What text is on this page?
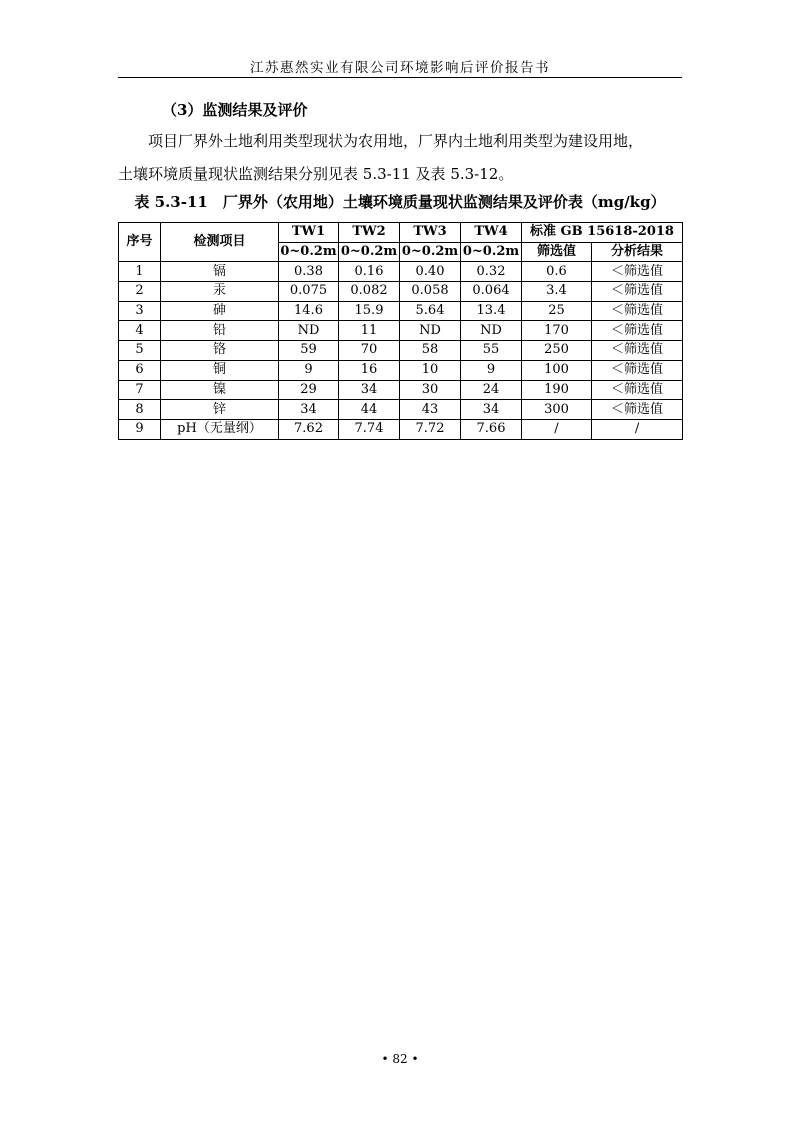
江苏惠然实业有限公司环境影响后评价报告书
（3）监测结果及评价

项目厂界外土地利用类型现状为农用地，厂界内土地利用类型为建设用地，

土壤环境质量现状监测结果分别见表 5.3-11 及表 5.3-12。

表 5.3-11　厂界外（农用地）土壤环境质量现状监测结果及评价表（mg/kg）
序号	检测项目	TW1	TW2	TW3	TW4	标准 GB 15618-2018	
		0~0.2m	0~0.2m	0~0.2m	0~0.2m	筛选值	分析结果
1	镉	0.38	0.16	0.40	0.32	0.6	＜筛选值
2	汞	0.075	0.082	0.058	0.064	3.4	＜筛选值
3	砷	14.6	15.9	5.64	13.4	25	＜筛选值
4	铅	ND	11	ND	ND	170	＜筛选值
5	铬	59	70	58	55	250	＜筛选值
6	铜	9	16	10	9	100	＜筛选值
7	镍	29	34	30	24	190	＜筛选值
8	锌	34	44	43	34	300	＜筛选值
9	pH（无量纲）	7.62	7.74	7.72	7.66	/	/
• 82 •
